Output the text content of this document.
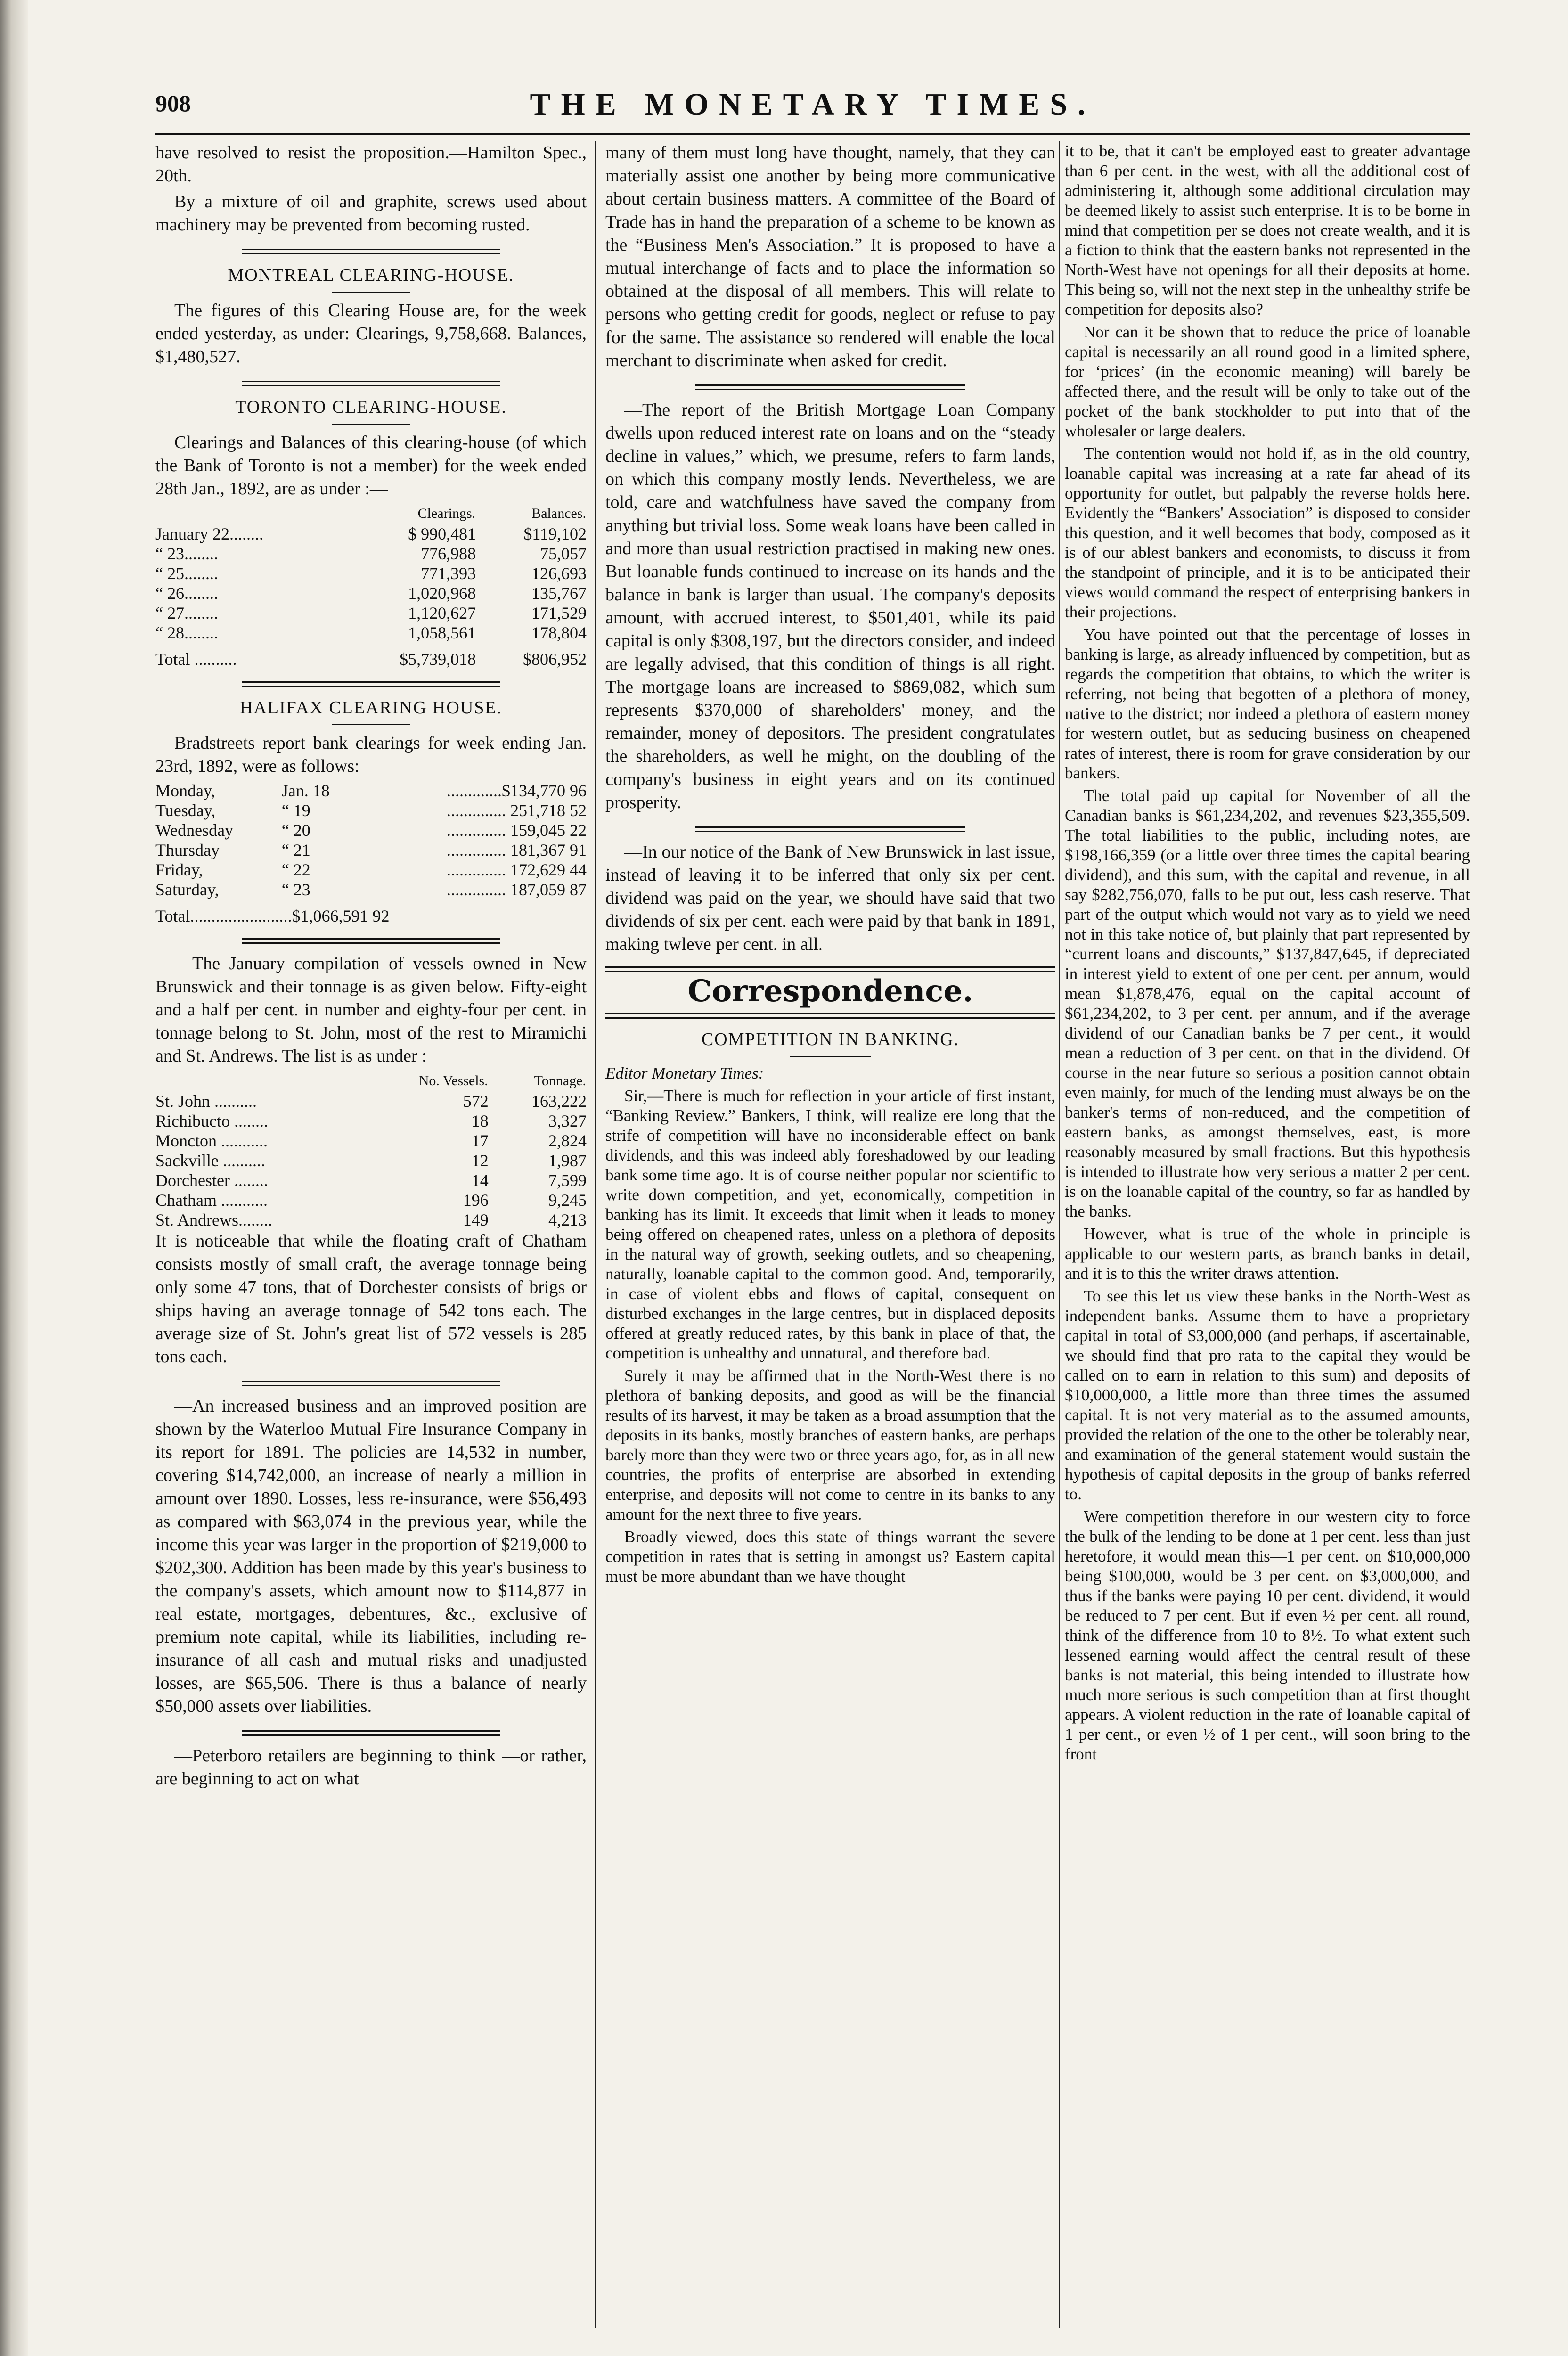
908	THE MONETARY TIMES.

have resolved to resist the proposition.—Hamilton Spec., 20th.

By a mixture of oil and graphite, screws used about machinery may be prevented from becoming rusted.

MONTREAL CLEARING-HOUSE.

The figures of this Clearing House are, for the week ended yesterday, as under: Clearings, 9,758,668. Balances, $1,480,527.

TORONTO CLEARING-HOUSE.

Clearings and Balances of this clearing-house (of which the Bank of Toronto is not a member) for the week ended 28th Jan., 1892, are as under :—

	Clearings.	Balances.
January 22........	$ 990,481	$119,102
“ 23........	776,988	75,057
“ 25........	771,393	126,693
“ 26........	1,020,968	135,767
“ 27........	1,120,627	171,529
“ 28........	1,058,561	178,804
Total ..........	$5,739,018	$806,952
HALIFAX CLEARING HOUSE.

Bradstreets report bank clearings for week ending Jan. 23rd, 1892, were as follows:

Monday,	Jan. 18	.............$134,770 96
Tuesday,	“ 19	.............. 251,718 52
Wednesday	“ 20	.............. 159,045 22
Thursday	“ 21	.............. 181,367 91
Friday,	“ 22	.............. 172,629 44
Saturday,	“ 23	.............. 187,059 87
Total........................$1,066,591 92		

—The January compilation of vessels owned in New Brunswick and their tonnage is as given below. Fifty-eight and a half per cent. in number and eighty-four per cent. in tonnage belong to St. John, most of the rest to Miramichi and St. Andrews. The list is as under :

	No. Vessels.	Tonnage.
St. John ..........	572	163,222
Richibucto ........	18	3,327
Moncton ...........	17	2,824
Sackville ..........	12	1,987
Dorchester ........	14	7,599
Chatham ...........	196	9,245
St. Andrews........	149	4,213

It is noticeable that while the floating craft of Chatham consists mostly of small craft, the average tonnage being only some 47 tons, that of Dorchester consists of brigs or ships having an average tonnage of 542 tons each. The average size of St. John's great list of 572 vessels is 285 tons each.

—An increased business and an improved position are shown by the Waterloo Mutual Fire Insurance Company in its report for 1891. The policies are 14,532 in number, covering $14,742,000, an increase of nearly a million in amount over 1890. Losses, less re-insurance, were $56,493 as compared with $63,074 in the previous year, while the income this year was larger in the proportion of $219,000 to $202,300. Addition has been made by this year's business to the company's assets, which amount now to $114,877 in real estate, mortgages, debentures, &c., exclusive of premium note capital, while its liabilities, including re-insurance of all cash and mutual risks and unadjusted losses, are $65,506. There is thus a balance of nearly $50,000 assets over liabilities.

—Peterboro retailers are beginning to think —or rather, are beginning to act on what

many of them must long have thought, namely, that they can materially assist one another by being more communicative about certain business matters. A committee of the Board of Trade has in hand the preparation of a scheme to be known as the “Business Men's Association.” It is proposed to have a mutual interchange of facts and to place the information so obtained at the disposal of all members. This will relate to persons who getting credit for goods, neglect or refuse to pay for the same. The assistance so rendered will enable the local merchant to discriminate when asked for credit.

—The report of the British Mortgage Loan Company dwells upon reduced interest rate on loans and on the “steady decline in values,” which, we presume, refers to farm lands, on which this company mostly lends. Nevertheless, we are told, care and watchfulness have saved the company from anything but trivial loss. Some weak loans have been called in and more than usual restriction practised in making new ones. But loanable funds continued to increase on its hands and the balance in bank is larger than usual. The company's deposits amount, with accrued interest, to $501,401, while its paid capital is only $308,197, but the directors consider, and indeed are legally advised, that this condition of things is all right. The mortgage loans are increased to $869,082, which sum represents $370,000 of shareholders' money, and the remainder, money of depositors. The president congratulates the shareholders, as well he might, on the doubling of the company's business in eight years and on its continued prosperity.

—In our notice of the Bank of New Brunswick in last issue, instead of leaving it to be inferred that only six per cent. dividend was paid on the year, we should have said that two dividends of six per cent. each were paid by that bank in 1891, making twleve per cent. in all.

Correspondence.
COMPETITION IN BANKING.

Editor Monetary Times:

Sir,—There is much for reflection in your article of first instant, “Banking Review.” Bankers, I think, will realize ere long that the strife of competition will have no inconsiderable effect on bank dividends, and this was indeed ably foreshadowed by our leading bank some time ago. It is of course neither popular nor scientific to write down competition, and yet, economically, competition in banking has its limit. It exceeds that limit when it leads to money being offered on cheapened rates, unless on a plethora of deposits in the natural way of growth, seeking outlets, and so cheapening, naturally, loanable capital to the common good. And, temporarily, in case of violent ebbs and flows of capital, consequent on disturbed exchanges in the large centres, but in displaced deposits offered at greatly reduced rates, by this bank in place of that, the competition is unhealthy and unnatural, and therefore bad.

Surely it may be affirmed that in the North-West there is no plethora of banking deposits, and good as will be the financial results of its harvest, it may be taken as a broad assumption that the deposits in its banks, mostly branches of eastern banks, are perhaps barely more than they were two or three years ago, for, as in all new countries, the profits of enterprise are absorbed in extending enterprise, and deposits will not come to centre in its banks to any amount for the next three to five years.

Broadly viewed, does this state of things warrant the severe competition in rates that is setting in amongst us? Eastern capital must be more abundant than we have thought

it to be, that it can't be employed east to greater advantage than 6 per cent. in the west, with all the additional cost of administering it, although some additional circulation may be deemed likely to assist such enterprise. It is to be borne in mind that competition per se does not create wealth, and it is a fiction to think that the eastern banks not represented in the North-West have not openings for all their deposits at home. This being so, will not the next step in the unhealthy strife be competition for deposits also?

Nor can it be shown that to reduce the price of loanable capital is necessarily an all round good in a limited sphere, for ‘prices’ (in the economic meaning) will barely be affected there, and the result will be only to take out of the pocket of the bank stockholder to put into that of the wholesaler or large dealers.

The contention would not hold if, as in the old country, loanable capital was increasing at a rate far ahead of its opportunity for outlet, but palpably the reverse holds here. Evidently the “Bankers' Association” is disposed to consider this question, and it well becomes that body, composed as it is of our ablest bankers and economists, to discuss it from the standpoint of principle, and it is to be anticipated their views would command the respect of enterprising bankers in their projections.

You have pointed out that the percentage of losses in banking is large, as already influenced by competition, but as regards the competition that obtains, to which the writer is referring, not being that begotten of a plethora of money, native to the district; nor indeed a plethora of eastern money for western outlet, but as seducing business on cheapened rates of interest, there is room for grave consideration by our bankers.

The total paid up capital for November of all the Canadian banks is $61,234,202, and revenues $23,355,509. The total liabilities to the public, including notes, are $198,166,359 (or a little over three times the capital bearing dividend), and this sum, with the capital and revenue, in all say $282,756,070, falls to be put out, less cash reserve. That part of the output which would not vary as to yield we need not in this take notice of, but plainly that part represented by “current loans and discounts,” $137,847,645, if depreciated in interest yield to extent of one per cent. per annum, would mean $1,878,476, equal on the capital account of $61,234,202, to 3 per cent. per annum, and if the average dividend of our Canadian banks be 7 per cent., it would mean a reduction of 3 per cent. on that in the dividend. Of course in the near future so serious a position cannot obtain even mainly, for much of the lending must always be on the banker's terms of non-reduced, and the competition of eastern banks, as amongst themselves, east, is more reasonably measured by small fractions. But this hypothesis is intended to illustrate how very serious a matter 2 per cent. is on the loanable capital of the country, so far as handled by the banks.

However, what is true of the whole in principle is applicable to our western parts, as branch banks in detail, and it is to this the writer draws attention.

To see this let us view these banks in the North-West as independent banks. Assume them to have a proprietary capital in total of $3,000,000 (and perhaps, if ascertainable, we should find that pro rata to the capital they would be called on to earn in relation to this sum) and deposits of $10,000,000, a little more than three times the assumed capital. It is not very material as to the assumed amounts, provided the relation of the one to the other be tolerably near, and examination of the general statement would sustain the hypothesis of capital deposits in the group of banks referred to.

Were competition therefore in our western city to force the bulk of the lending to be done at 1 per cent. less than just heretofore, it would mean this—1 per cent. on $10,000,000 being $100,000, would be 3 per cent. on $3,000,000, and thus if the banks were paying 10 per cent. dividend, it would be reduced to 7 per cent. But if even ½ per cent. all round, think of the difference from 10 to 8½. To what extent such lessened earning would affect the central result of these banks is not material, this being intended to illustrate how much more serious is such competition than at first thought appears. A violent reduction in the rate of loanable capital of 1 per cent., or even ½ of 1 per cent., will soon bring to the front
